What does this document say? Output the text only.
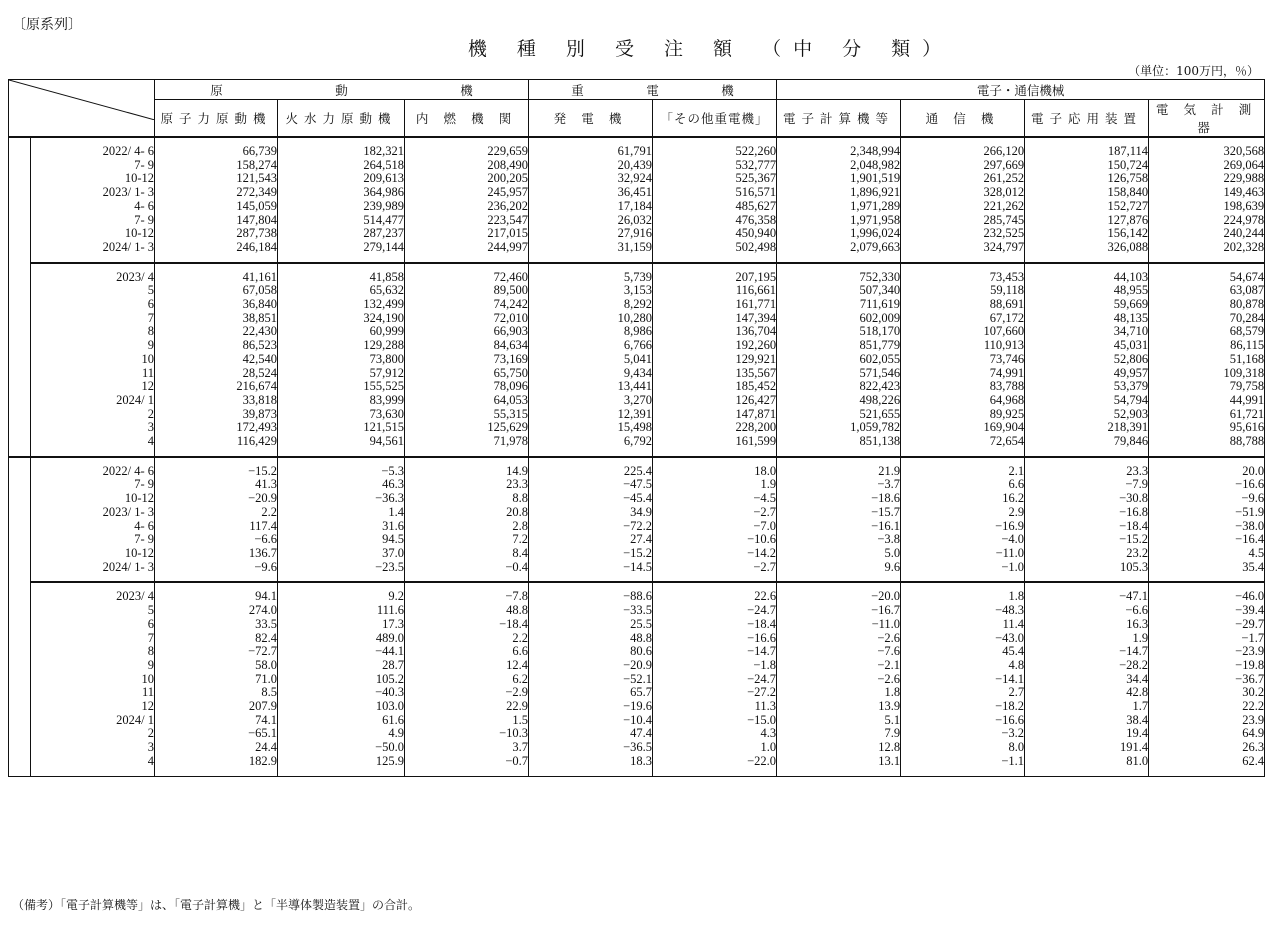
〔原系列〕
機 種 別 受 注 額 （中 分 類）
（単位：100万円，％）
	原　　　　　　　　　動　　　　　　　　　機			重　　　　　電　　　　　機		電子・通信機械			
			原子力原動機	火水力原動機	内 燃 機 関	発 電 機	「その他重電機」	電子計算機等	通 信 機	電子応用装置	電 気 計 測 器

		2022/ 4- 6	66,739	182,321	229,659	61,791	522,260	2,348,994	266,120	187,114	320,568
		7- 9	158,274	264,518	208,490	20,439	532,777	2,048,982	297,669	150,724	269,064
		10-12	121,543	209,613	200,205	32,924	525,367	1,901,519	261,252	126,758	229,988
		2023/ 1- 3	272,349	364,986	245,957	36,451	516,571	1,896,921	328,012	158,840	149,463
		4- 6	145,059	239,989	236,202	17,184	485,627	1,971,289	221,262	152,727	198,639
		7- 9	147,804	514,477	223,547	26,032	476,358	1,971,958	285,745	127,876	224,978
		10-12	287,738	287,237	217,015	27,916	450,940	1,996,024	232,525	156,142	240,244
		2024/ 1- 3	246,184	279,144	244,997	31,159	502,498	2,079,663	324,797	326,088	202,328

		2023/ 4	41,161	41,858	72,460	5,739	207,195	752,330	73,453	44,103	54,674
		5	67,058	65,632	89,500	3,153	116,661	507,340	59,118	48,955	63,087
		6	36,840	132,499	74,242	8,292	161,771	711,619	88,691	59,669	80,878
		7	38,851	324,190	72,010	10,280	147,394	602,009	67,172	48,135	70,284
		8	22,430	60,999	66,903	8,986	136,704	518,170	107,660	34,710	68,579
		9	86,523	129,288	84,634	6,766	192,260	851,779	110,913	45,031	86,115
		10	42,540	73,800	73,169	5,041	129,921	602,055	73,746	52,806	51,168
		11	28,524	57,912	65,750	9,434	135,567	571,546	74,991	49,957	109,318
		12	216,674	155,525	78,096	13,441	185,452	822,423	83,788	53,379	79,758
		2024/ 1	33,818	83,999	64,053	3,270	126,427	498,226	64,968	54,794	44,991
		2	39,873	73,630	55,315	12,391	147,871	521,655	89,925	52,903	61,721
		3	172,493	121,515	125,629	15,498	228,200	1,059,782	169,904	218,391	95,616
		4	116,429	94,561	71,978	6,792	161,599	851,138	72,654	79,846	88,788

		2022/ 4- 6	−15.2	−5.3	14.9	225.4	18.0	21.9	2.1	23.3	20.0
		7- 9	41.3	46.3	23.3	−47.5	1.9	−3.7	6.6	−7.9	−16.6
		10-12	−20.9	−36.3	8.8	−45.4	−4.5	−18.6	16.2	−30.8	−9.6
		2023/ 1- 3	2.2	1.4	20.8	34.9	−2.7	−15.7	2.9	−16.8	−51.9
		4- 6	117.4	31.6	2.8	−72.2	−7.0	−16.1	−16.9	−18.4	−38.0
		7- 9	−6.6	94.5	7.2	27.4	−10.6	−3.8	−4.0	−15.2	−16.4
		10-12	136.7	37.0	8.4	−15.2	−14.2	5.0	−11.0	23.2	4.5
		2024/ 1- 3	−9.6	−23.5	−0.4	−14.5	−2.7	9.6	−1.0	105.3	35.4

		2023/ 4	94.1	9.2	−7.8	−88.6	22.6	−20.0	1.8	−47.1	−46.0
		5	274.0	111.6	48.8	−33.5	−24.7	−16.7	−48.3	−6.6	−39.4
		6	33.5	17.3	−18.4	25.5	−18.4	−11.0	11.4	16.3	−29.7
		7	82.4	489.0	2.2	48.8	−16.6	−2.6	−43.0	1.9	−1.7
		8	−72.7	−44.1	6.6	80.6	−14.7	−7.6	45.4	−14.7	−23.9
		9	58.0	28.7	12.4	−20.9	−1.8	−2.1	4.8	−28.2	−19.8
		10	71.0	105.2	6.2	−52.1	−24.7	−2.6	−14.1	34.4	−36.7
		11	8.5	−40.3	−2.9	65.7	−27.2	1.8	2.7	42.8	30.2
		12	207.9	103.0	22.9	−19.6	11.3	13.9	−18.2	1.7	22.2
		2024/ 1	74.1	61.6	1.5	−10.4	−15.0	5.1	−16.6	38.4	23.9
		2	−65.1	4.9	−10.3	47.4	4.3	7.9	−3.2	19.4	64.9
		3	24.4	−50.0	3.7	−36.5	1.0	12.8	8.0	191.4	26.3
		4	182.9	125.9	−0.7	18.3	−22.0	13.1	−1.1	81.0	62.4

（備考）「電子計算機等」は、「電子計算機」と「半導体製造装置」の合計。
